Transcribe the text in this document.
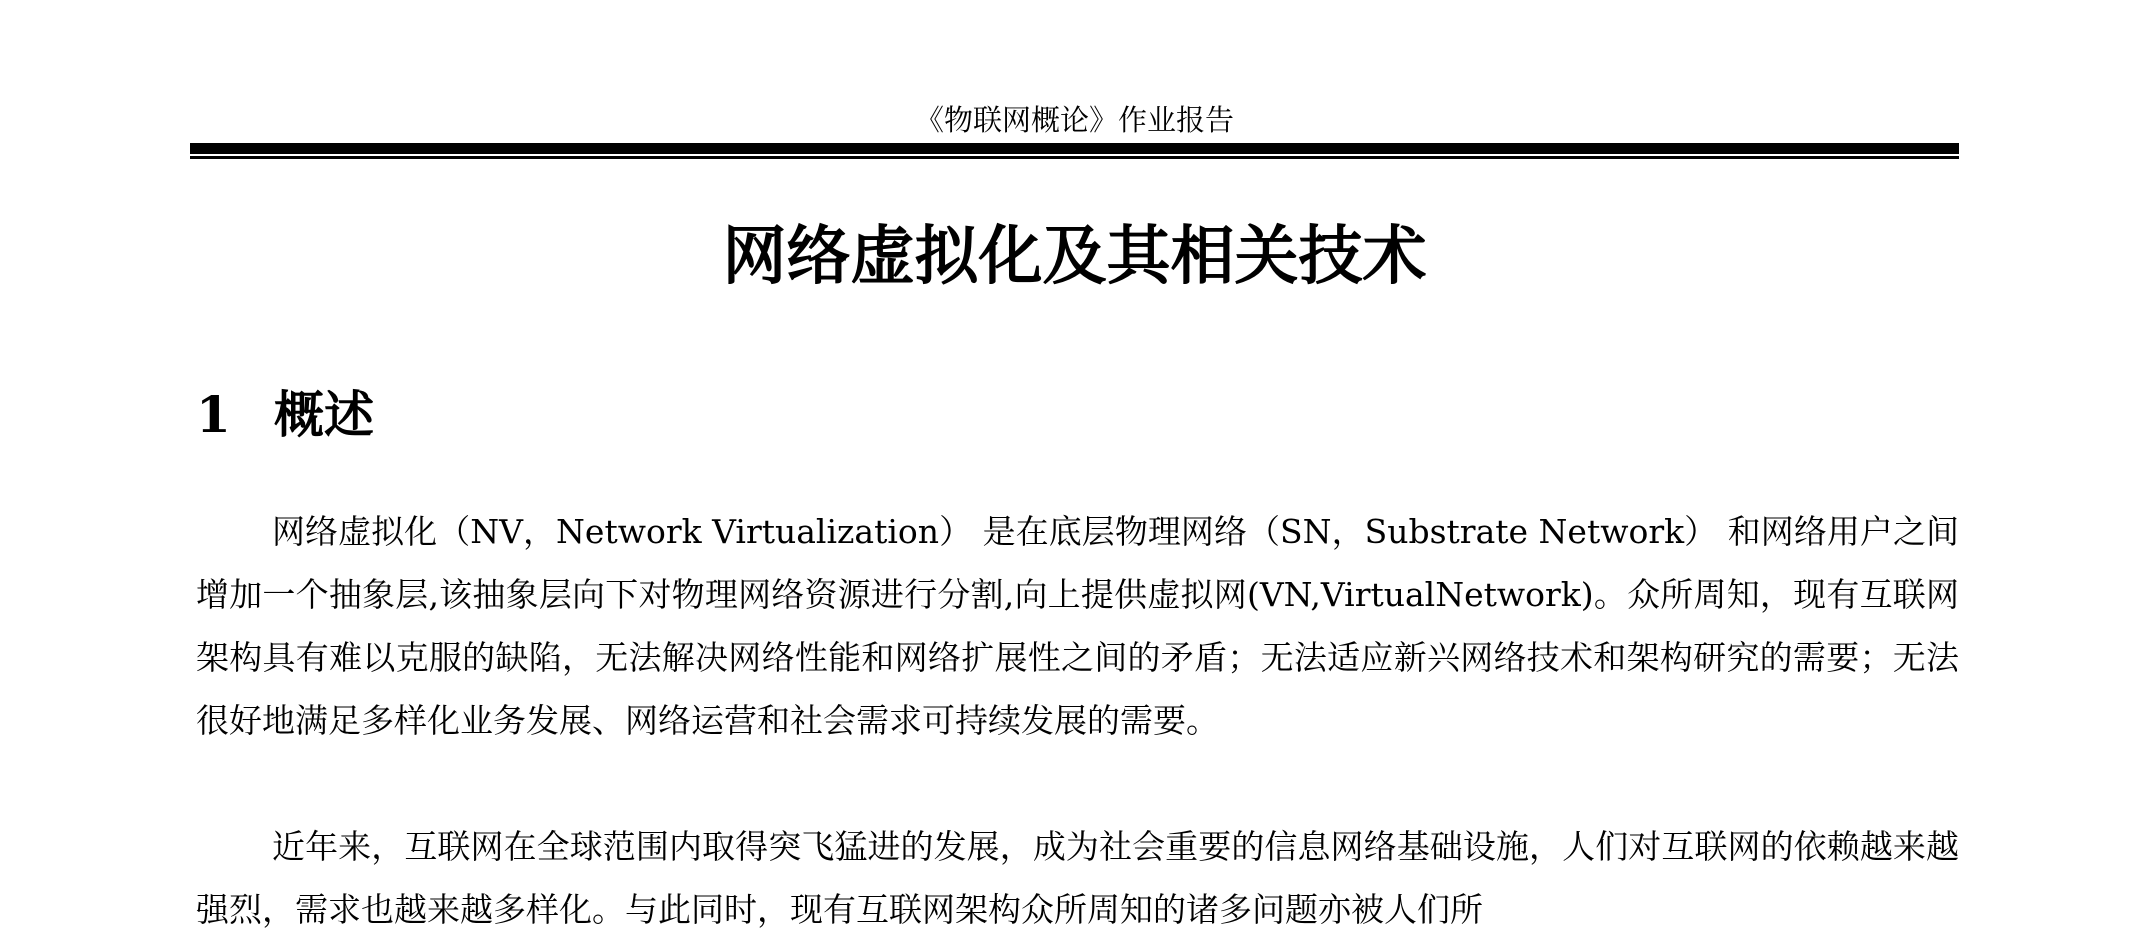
《物联网概论》作业报告
网络虚拟化及其相关技术
1 概述

网络虚拟化（NV，Network Virtualization） 是在底层物理网络（SN，Substrate Network） 和网络用户之间增加一个抽象层,该抽象层向下对物理网络资源进行分割,向上提供虚拟网(VN,VirtualNetwork)。众所周知，现有互联网架构具有难以克服的缺陷，无法解决网络性能和网络扩展性之间的矛盾；无法适应新兴网络技术和架构研究的需要；无法很好地满足多样化业务发展、网络运营和社会需求可持续发展的需要。

近年来，互联网在全球范围内取得突飞猛进的发展，成为社会重要的信息网络基础设施，人们对互联网的依赖越来越强烈，需求也越来越多样化。与此同时，现有互联网架构众所周知的诸多问题亦被人们所
